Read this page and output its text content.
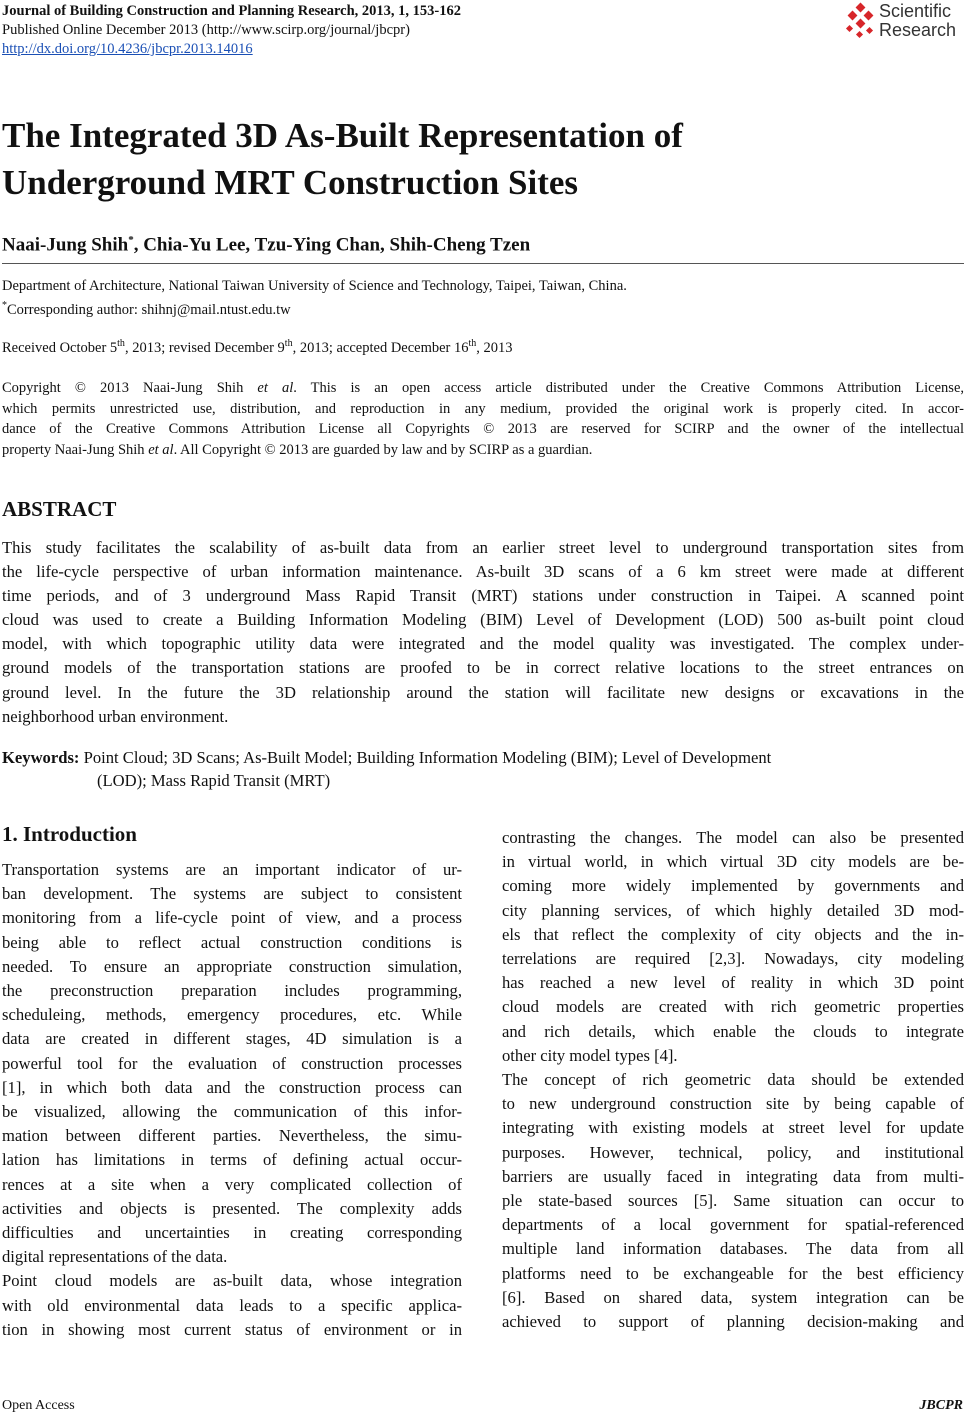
Journal of Building Construction and Planning Research, 2013, 1, 153-162
Published Online December 2013 (http://www.scirp.org/journal/jbcpr)
http://dx.doi.org/10.4236/jbcpr.2013.14016
Scientific
Research
The Integrated 3D As-Built Representation of
Underground MRT Construction Sites
Naai-Jung Shih*, Chia-Yu Lee, Tzu-Ying Chan, Shih-Cheng Tzen
Department of Architecture, National Taiwan University of Science and Technology, Taipei, Taiwan, China.
*Corresponding author: shihnj@mail.ntust.edu.tw
Received October 5th, 2013; revised December 9th, 2013; accepted December 16th, 2013
Copyright © 2013 Naai-Jung Shih et al. This is an open access article distributed under the Creative Commons Attribution License,
which permits unrestricted use, distribution, and reproduction in any medium, provided the original work is properly cited. In accor-
dance of the Creative Commons Attribution License all Copyrights © 2013 are reserved for SCIRP and the owner of the intellectual
property Naai-Jung Shih et al. All Copyright © 2013 are guarded by law and by SCIRP as a guardian.
ABSTRACT
This study facilitates the scalability of as-built data from an earlier street level to underground transportation sites from
the life-cycle perspective of urban information maintenance. As-built 3D scans of a 6 km street were made at different
time periods, and of 3 underground Mass Rapid Transit (MRT) stations under construction in Taipei. A scanned point
cloud was used to create a Building Information Modeling (BIM) Level of Development (LOD) 500 as-built point cloud
model, with which topographic utility data were integrated and the model quality was investigated. The complex under-
ground models of the transportation stations are proofed to be in correct relative locations to the street entrances on
ground level. In the future the 3D relationship around the station will facilitate new designs or excavations in the
neighborhood urban environment.
Keywords: Point Cloud; 3D Scans; As-Built Model; Building Information Modeling (BIM); Level of Development
(LOD); Mass Rapid Transit (MRT)
1. Introduction
Transportation systems are an important indicator of ur-
ban development. The systems are subject to consistent
monitoring from a life-cycle point of view, and a process
being able to reflect actual construction conditions is
needed. To ensure an appropriate construction simulation,
the preconstruction preparation includes programming,
scheduleing, methods, emergency procedures, etc. While
data are created in different stages, 4D simulation is a
powerful tool for the evaluation of construction processes
[1], in which both data and the construction process can
be visualized, allowing the communication of this infor-
mation between different parties. Nevertheless, the simu-
lation has limitations in terms of defining actual occur-
rences at a site when a very complicated collection of
activities and objects is presented. The complexity adds
difficulties and uncertainties in creating corresponding
digital representations of the data.
Point cloud models are as-built data, whose integration
with old environmental data leads to a specific applica-
tion in showing most current status of environment or in
contrasting the changes. The model can also be presented
in virtual world, in which virtual 3D city models are be-
coming more widely implemented by governments and
city planning services, of which highly detailed 3D mod-
els that reflect the complexity of city objects and the in-
terrelations are required [2,3]. Nowadays, city modeling
has reached a new level of reality in which 3D point
cloud models are created with rich geometric properties
and rich details, which enable the clouds to integrate
other city model types [4].
The concept of rich geometric data should be extended
to new underground construction site by being capable of
integrating with existing models at street level for update
purposes. However, technical, policy, and institutional
barriers are usually faced in integrating data from multi-
ple state-based sources [5]. Same situation can occur to
departments of a local government for spatial-referenced
multiple land information databases. The data from all
platforms need to be exchangeable for the best efficiency
[6]. Based on shared data, system integration can be
achieved to support of planning decision-making and
Open Access	JBCPR
